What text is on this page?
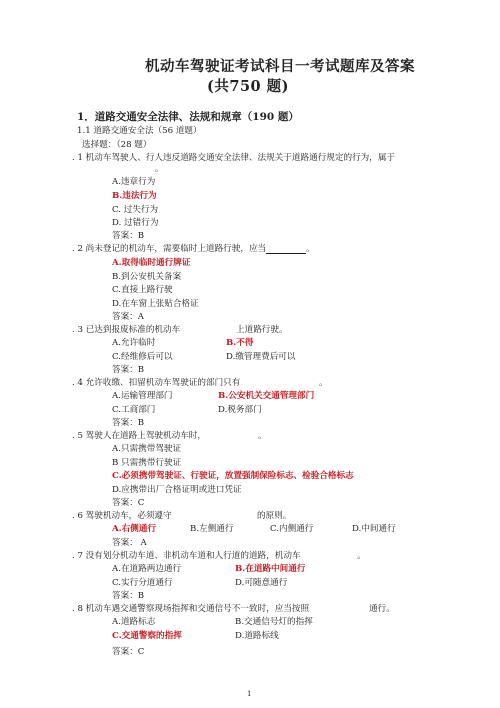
机动车驾驶证考试科目一考试题库及答案
(共750 题)
1．道路交通安全法律、法规和规章（190 题）
1.1 道路交通安全法（56 道题）
选择题：（28 题）
. 1 机动车驾驶人、行人违反道路交通安全法律、法规关于道路通行规定的行为，属于
。
A.违章行为
B.违法行为
C. 过失行为
D. 过错行为
答案：B
. 2 尚未登记的机动车，需要临时上道路行驶，应当	。
A.取得临时通行牌证
B.到公安机关备案
C.直接上路行驶
D.在车窗上张贴合格证
答案：A
. 3 已达到报废标准的机动车	上道路行驶。
A.允许临时	B.不得
C.经维修后可以	D.缴管理费后可以
答案：B
. 4 允许收缴、扣留机动车驾驶证的部门只有	。
A.运输管理部门	B.公安机关交通管理部门
C.工商部门	D.税务部门
答案：B
. 5 驾驶人在道路上驾驶机动车时，	。
A.只需携带驾驶证
B 只需携带行驶证
C.必须携带驾驶证、行驶证，放置强制保险标志、检验合格标志
D.应携带出厂合格证明或进口凭证
答案：C
. 6 驾驶机动车，必须遵守	的原则。
A.右侧通行	B.左侧通行	C.内侧通行	D.中间通行
答案： A
. 7 没有划分机动车道、非机动车道和人行道的道路，机动车	。
A.在道路两边通行	B.在道路中间通行
C.实行分道通行	D.可随意通行
答案：B
. 8 机动车遇交通警察现场指挥和交通信号不一致时，应当按照	通行。
A.道路标志	B.交通信号灯的指挥
C.交通警察的指挥	D.道路标线
答案：C
1
